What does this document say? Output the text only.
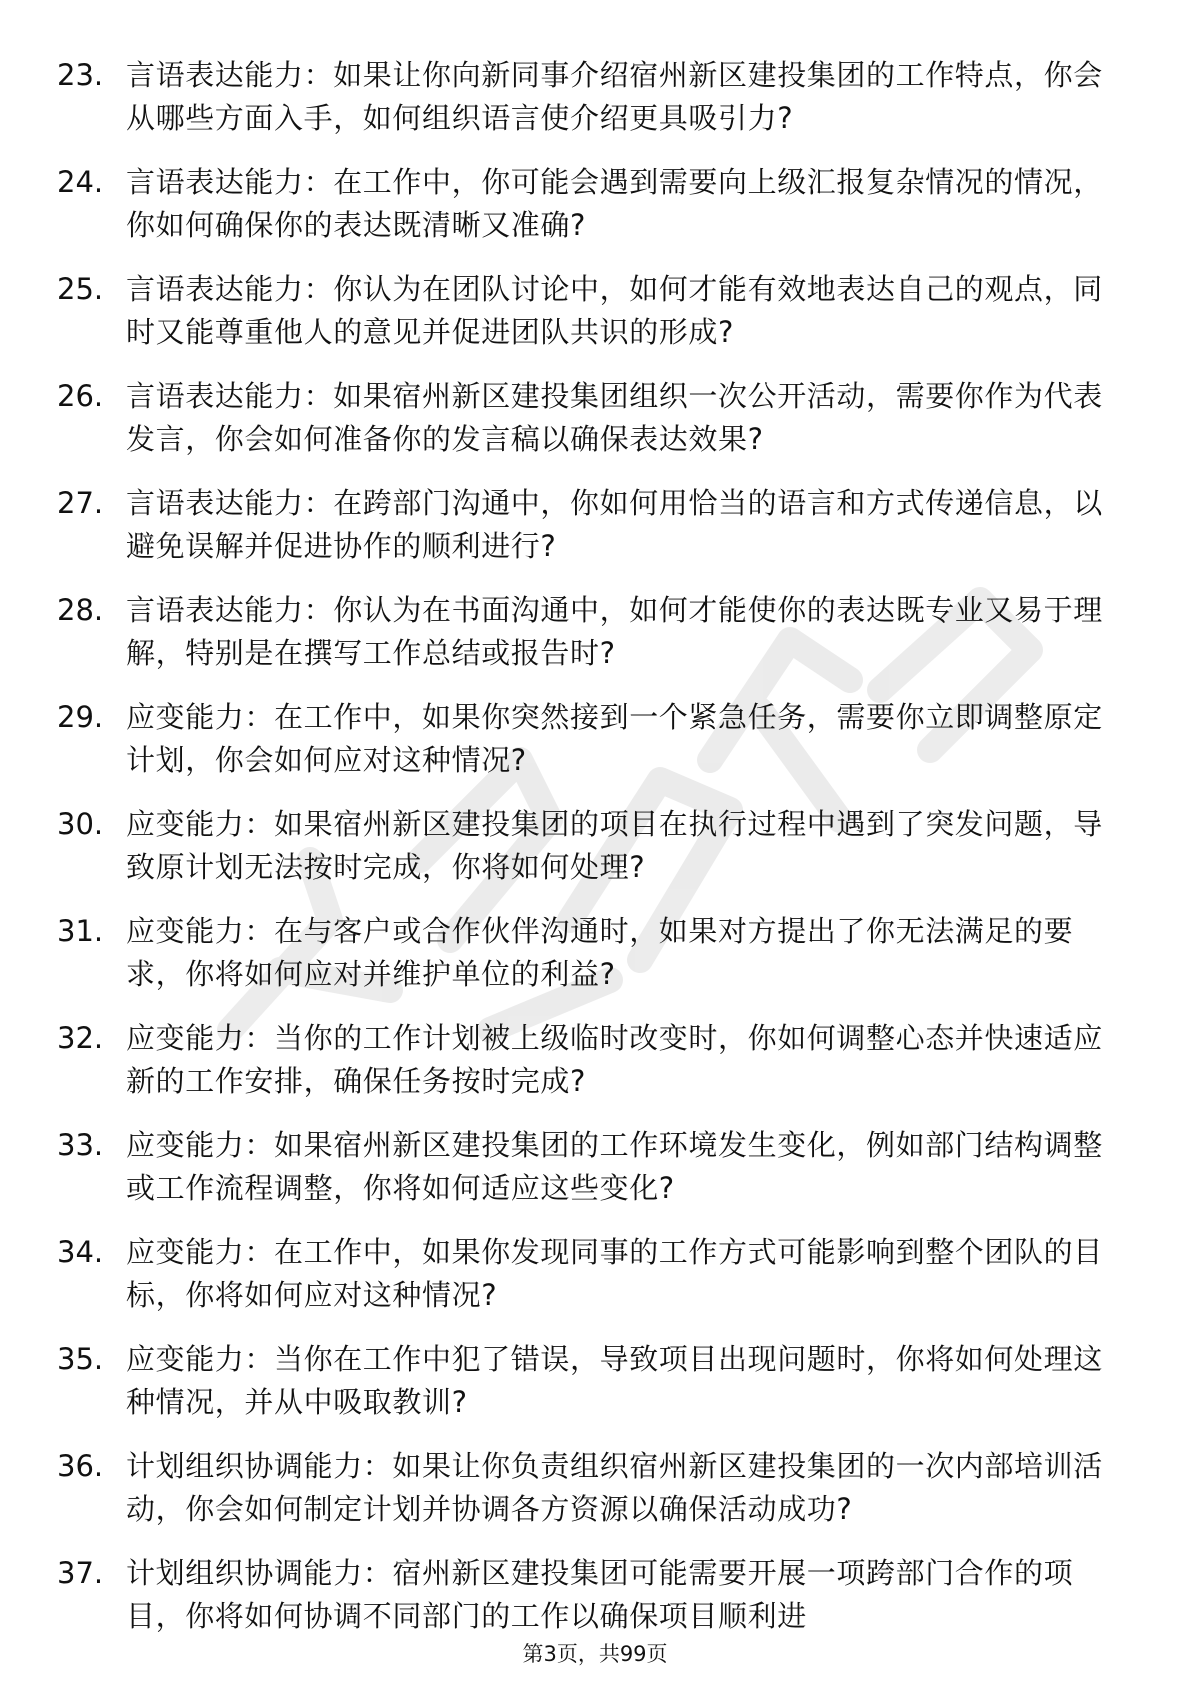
23. 言语表达能力：如果让你向新同事介绍宿州新区建投集团的工作特点，你会从哪些方面入手，如何组织语言使介绍更具吸引力?
24. 言语表达能力：在工作中，你可能会遇到需要向上级汇报复杂情况的情况，你如何确保你的表达既清晰又准确?
25. 言语表达能力：你认为在团队讨论中，如何才能有效地表达自己的观点，同时又能尊重他人的意见并促进团队共识的形成?
26. 言语表达能力：如果宿州新区建投集团组织一次公开活动，需要你作为代表发言，你会如何准备你的发言稿以确保表达效果?
27. 言语表达能力：在跨部门沟通中，你如何用恰当的语言和方式传递信息，以避免误解并促进协作的顺利进行?
28. 言语表达能力：你认为在书面沟通中，如何才能使你的表达既专业又易于理解，特别是在撰写工作总结或报告时?
29. 应变能力：在工作中，如果你突然接到一个紧急任务，需要你立即调整原定计划，你会如何应对这种情况?
30. 应变能力：如果宿州新区建投集团的项目在执行过程中遇到了突发问题，导致原计划无法按时完成，你将如何处理?
31. 应变能力：在与客户或合作伙伴沟通时，如果对方提出了你无法满足的要求，你将如何应对并维护单位的利益?
32. 应变能力：当你的工作计划被上级临时改变时，你如何调整心态并快速适应新的工作安排，确保任务按时完成?
33. 应变能力：如果宿州新区建投集团的工作环境发生变化，例如部门结构调整或工作流程调整，你将如何适应这些变化?
34. 应变能力：在工作中，如果你发现同事的工作方式可能影响到整个团队的目标，你将如何应对这种情况?
35. 应变能力：当你在工作中犯了错误，导致项目出现问题时，你将如何处理这种情况，并从中吸取教训?
36. 计划组织协调能力：如果让你负责组织宿州新区建投集团的一次内部培训活动，你会如何制定计划并协调各方资源以确保活动成功?
37. 计划组织协调能力：宿州新区建投集团可能需要开展一项跨部门合作的项目，你将如何协调不同部门的工作以确保项目顺利进
第3页，共99页
